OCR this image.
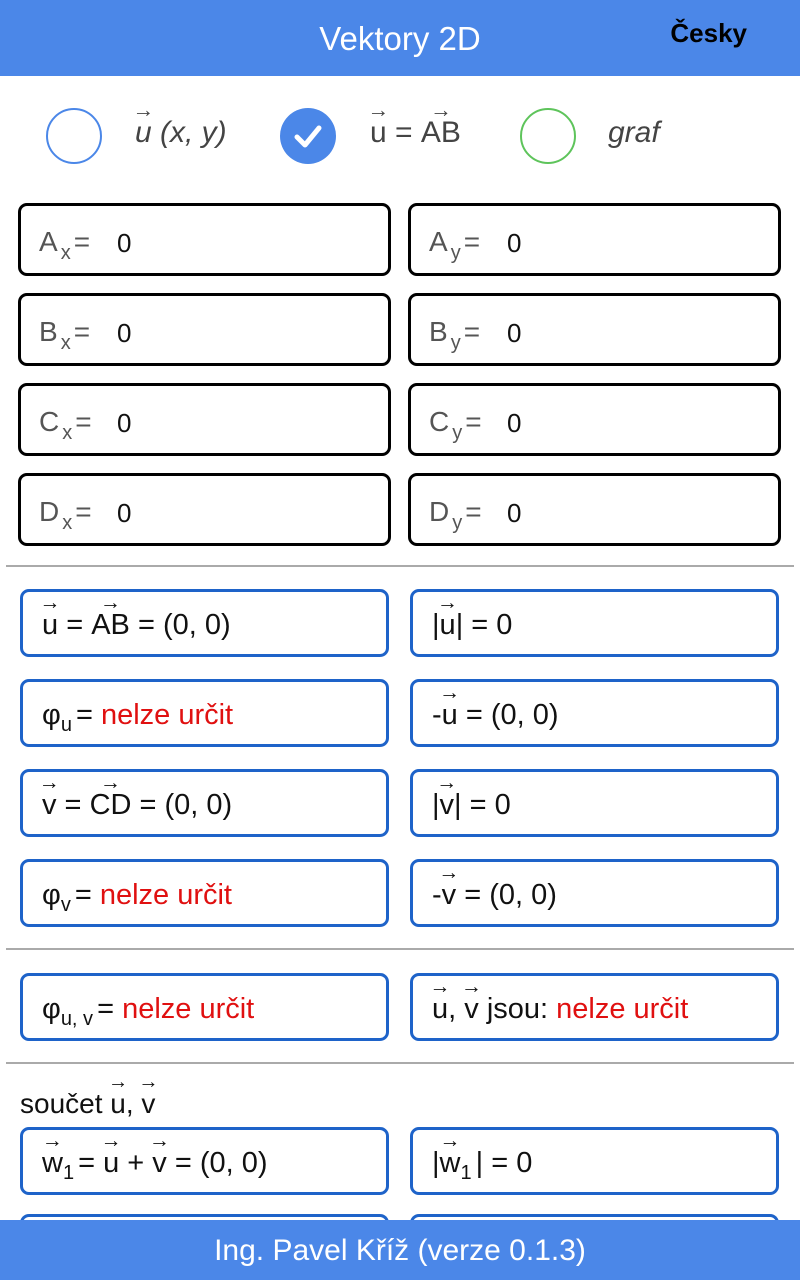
Vektory 2D	Česky
→ u (x, y)	→ u = → AB	graf
A $_x$ = 0	A $_y$ = 0
B $_x$ = 0	B $_y$ = 0
C $_x$ = 0	C $_y$ = 0
D $_x$ = 0	D $_y$ = 0
→ u = → AB = (0, 0)	|→ u| = 0
$\varphi_u$ = nelze určit	-→ u = (0, 0)
→ v = → CD = (0, 0)	|→ v| = 0
$\varphi_v$ = nelze určit	-→ v = (0, 0)
$\varphi_{u, v}$ = nelze určit	→ u, → v jsou: nelze určit
součet → u, → v
→ $w_1$ = → u + → v = (0, 0)	|→ $w_1$ | = 0
Ing. Pavel Kříž (verze 0.1.3)
